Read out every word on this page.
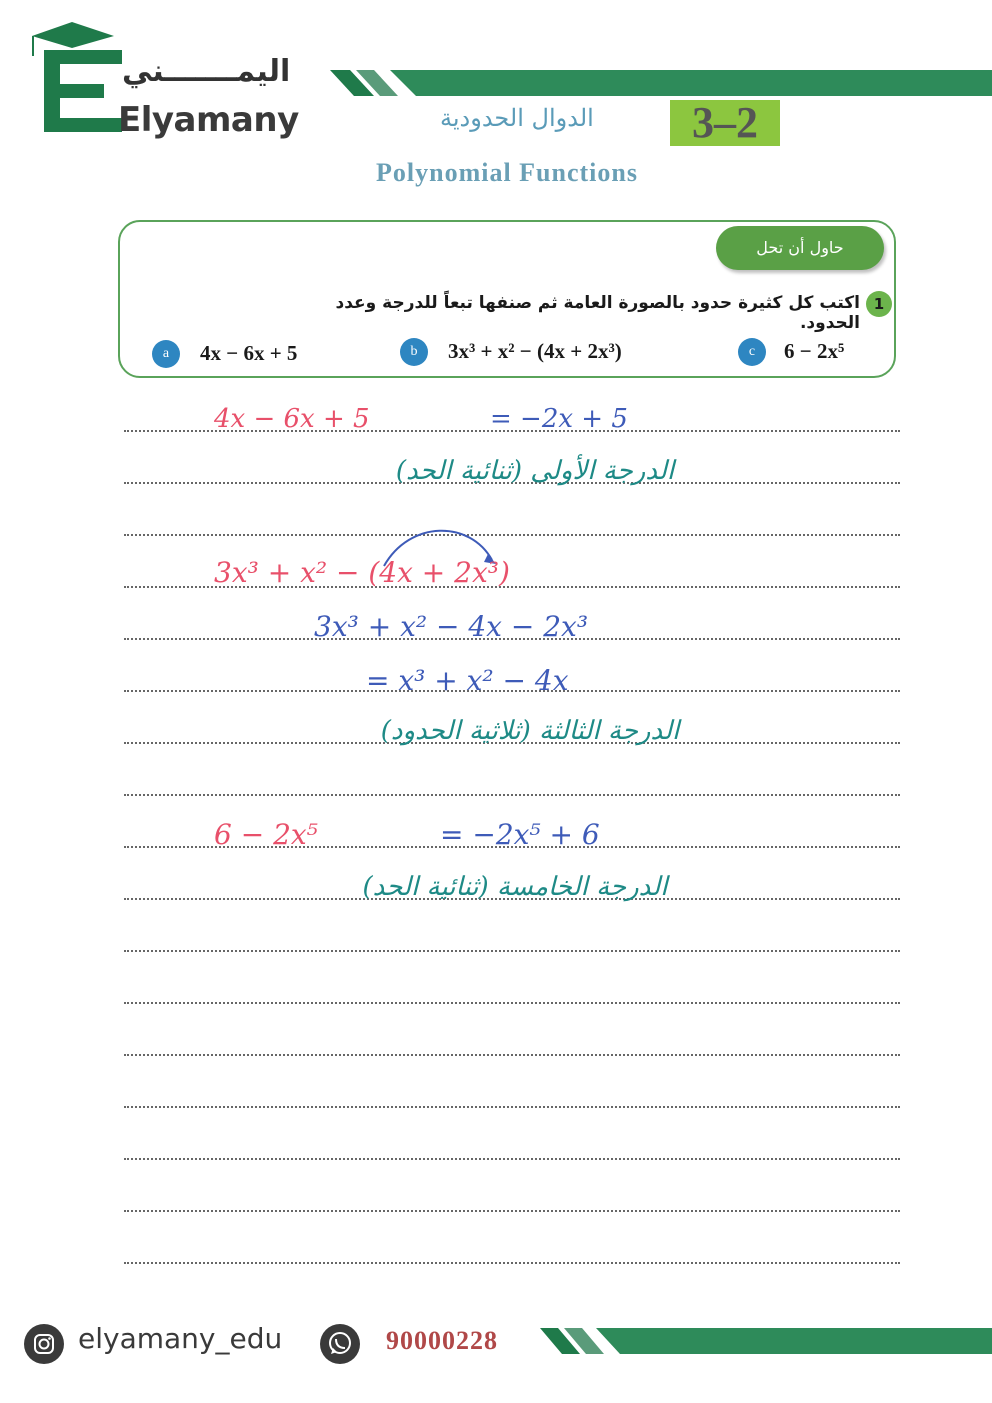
اليمـــــــني
Elyamany	3–2
الدوال الحدودية
Polynomial Functions
حاول أن تحل
1
اكتب كل كثيرة حدود بالصورة العامة ثم صنفها تبعاً للدرجة وعدد الحدود.
a	4x − 6x + 5	b	3x³ + x² − (4x + 2x³)	c	6 − 2x⁵
4x − 6x + 5	= −2x + 5
الدرجة الأولى (ثنائية الحد)
3x³ + x² − (4x + 2x³)
3x³ + x² − 4x − 2x³
= x³ + x² − 4x
الدرجة الثالثة (ثلاثية الحدود)
6 − 2x⁵	= −2x⁵ + 6
الدرجة الخامسة (ثنائية الحد)
elyamany_edu	90000228
